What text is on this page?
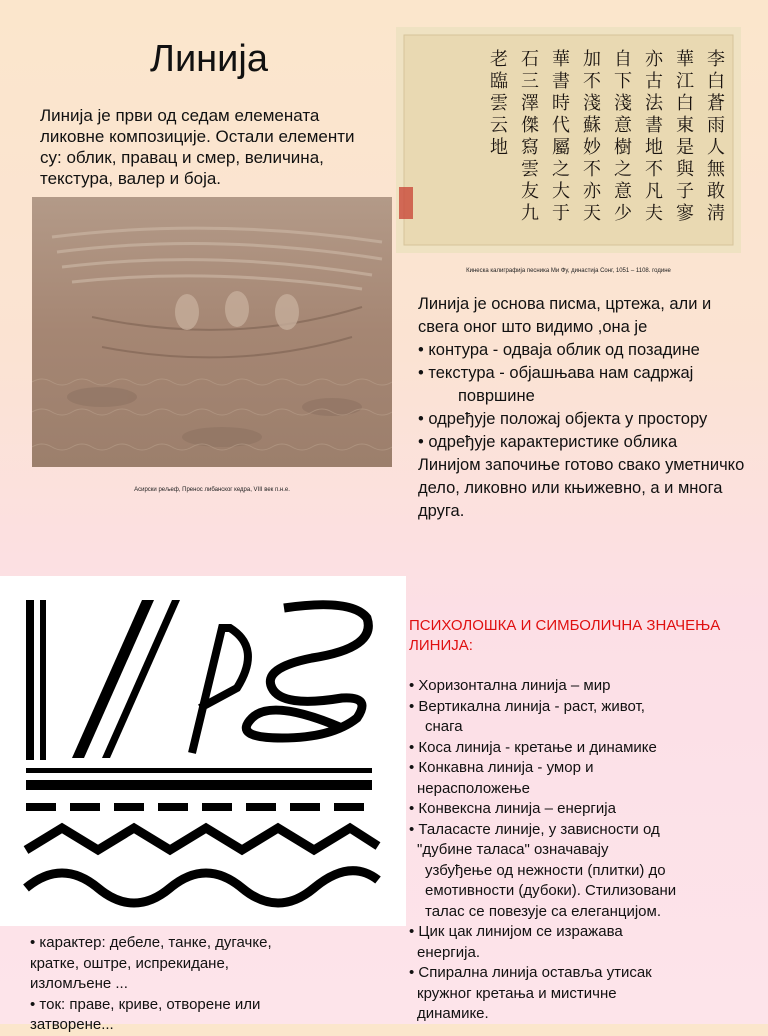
Линија
Линија је први од седам елемената ликовне композиције. Остали елементи су: облик, правац и смер, величина, текстура, валер и боја.
Асирски рељеф, Пренос либанског кедра, VIII век п.н.е.
李
白
蒼
雨
人
無
敢
淸
華
江
白
東
是
與
子
寥
亦
古
法
書
地
不
凡
夫
自
下
淺
意
樹
之
意
少
加
不
淺
蘇
妙
不
亦
天
華
書
時
代
屬
之
大
于
石
三
澤
傑
寫
雲
友
九
老
臨
雲
云
地
Кинеска калиграфија песника Ми Фу, династија Сонг, 1051 – 1108. године
Линија је основа писма, цртежа, али и свега оног што видимо ,она је
• контура - одваја облик од позадине
• текстура - објашњава нам садржај
површине
• одређује положај објекта у простору
• одређује карактеристике облика
Линијом започиње готово свако уметничко дело, ликовно или књижевно, а и многа друга.
ПСИХОЛОШКА И СИМБОЛИЧНА ЗНАЧЕЊА ЛИНИЈА:
• Хоризонтална линија – мир
• Вертикална линија - раст, живот,
снага
• Коса линија - кретање и динамике
• Конкавна линија - умор и
нерасположење
• Конвексна линија – енергија
• Таласасте линије, у зависности од
"дубине таласа" означавају
узбуђење од нежности (плитки) до
емотивности (дубоки). Стилизовани
талас се повезује са елеганцијом.
• Цик цак линијом се изражава
енергија.
• Спирална линија оставља утисак
кружног кретања и мистичне
динамике.
• карактер: дебеле, танке, дугачке,
кратке, оштре, испрекидане,
изломљене ...
• ток: праве, криве, отворене или
затворене...
